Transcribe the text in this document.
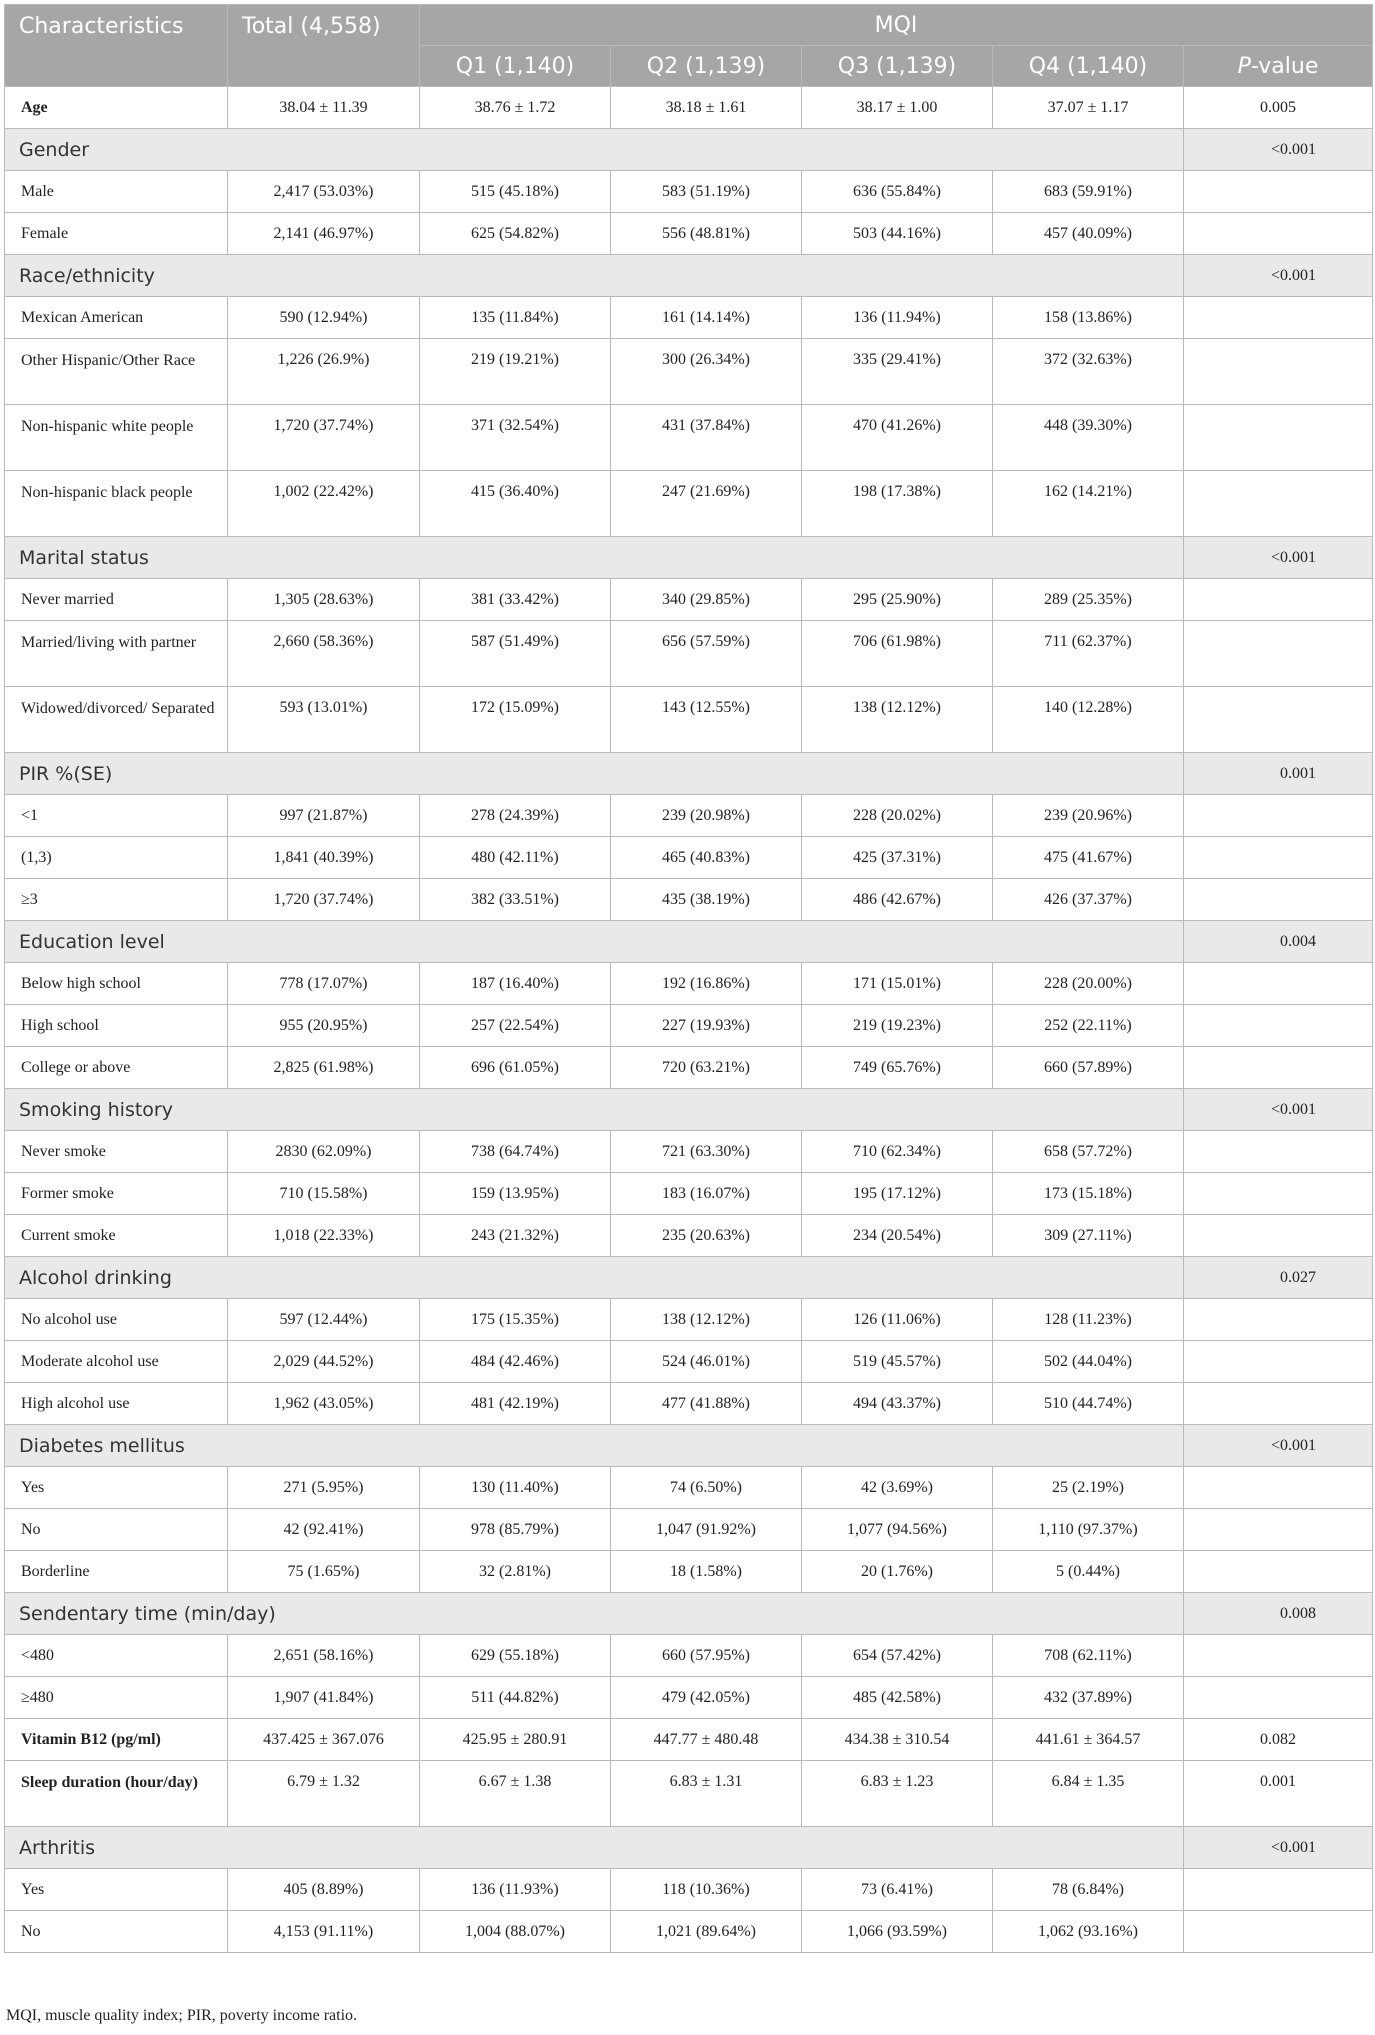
Characteristics	Total (4,558)	MQI				
		Q1 (1,140)	Q2 (1,139)	Q3 (1,139)	Q4 (1,140)	P-value
Age	38.04 ± 11.39	38.76 ± 1.72	38.18 ± 1.61	38.17 ± 1.00	37.07 ± 1.17	0.005
Gender						<0.001
Male	2,417 (53.03%)	515 (45.18%)	583 (51.19%)	636 (55.84%)	683 (59.91%)	
Female	2,141 (46.97%)	625 (54.82%)	556 (48.81%)	503 (44.16%)	457 (40.09%)	
Race/ethnicity						<0.001
Mexican American	590 (12.94%)	135 (11.84%)	161 (14.14%)	136 (11.94%)	158 (13.86%)	
Other Hispanic/Other Race	1,226 (26.9%)	219 (19.21%)	300 (26.34%)	335 (29.41%)	372 (32.63%)	
Non-hispanic white people	1,720 (37.74%)	371 (32.54%)	431 (37.84%)	470 (41.26%)	448 (39.30%)	
Non-hispanic black people	1,002 (22.42%)	415 (36.40%)	247 (21.69%)	198 (17.38%)	162 (14.21%)	
Marital status						<0.001
Never married	1,305 (28.63%)	381 (33.42%)	340 (29.85%)	295 (25.90%)	289 (25.35%)	
Married/living with partner	2,660 (58.36%)	587 (51.49%)	656 (57.59%)	706 (61.98%)	711 (62.37%)	
Widowed/divorced/ Separated	593 (13.01%)	172 (15.09%)	143 (12.55%)	138 (12.12%)	140 (12.28%)	
PIR %(SE)						0.001
<1	997 (21.87%)	278 (24.39%)	239 (20.98%)	228 (20.02%)	239 (20.96%)	
(1,3)	1,841 (40.39%)	480 (42.11%)	465 (40.83%)	425 (37.31%)	475 (41.67%)	
≥3	1,720 (37.74%)	382 (33.51%)	435 (38.19%)	486 (42.67%)	426 (37.37%)	
Education level						0.004
Below high school	778 (17.07%)	187 (16.40%)	192 (16.86%)	171 (15.01%)	228 (20.00%)	
High school	955 (20.95%)	257 (22.54%)	227 (19.93%)	219 (19.23%)	252 (22.11%)	
College or above	2,825 (61.98%)	696 (61.05%)	720 (63.21%)	749 (65.76%)	660 (57.89%)	
Smoking history						<0.001
Never smoke	2830 (62.09%)	738 (64.74%)	721 (63.30%)	710 (62.34%)	658 (57.72%)	
Former smoke	710 (15.58%)	159 (13.95%)	183 (16.07%)	195 (17.12%)	173 (15.18%)	
Current smoke	1,018 (22.33%)	243 (21.32%)	235 (20.63%)	234 (20.54%)	309 (27.11%)	
Alcohol drinking						0.027
No alcohol use	597 (12.44%)	175 (15.35%)	138 (12.12%)	126 (11.06%)	128 (11.23%)	
Moderate alcohol use	2,029 (44.52%)	484 (42.46%)	524 (46.01%)	519 (45.57%)	502 (44.04%)	
High alcohol use	1,962 (43.05%)	481 (42.19%)	477 (41.88%)	494 (43.37%)	510 (44.74%)	
Diabetes mellitus						<0.001
Yes	271 (5.95%)	130 (11.40%)	74 (6.50%)	42 (3.69%)	25 (2.19%)	
No	42 (92.41%)	978 (85.79%)	1,047 (91.92%)	1,077 (94.56%)	1,110 (97.37%)	
Borderline	75 (1.65%)	32 (2.81%)	18 (1.58%)	20 (1.76%)	5 (0.44%)	
Sendentary time (min/day)						0.008
<480	2,651 (58.16%)	629 (55.18%)	660 (57.95%)	654 (57.42%)	708 (62.11%)	
≥480	1,907 (41.84%)	511 (44.82%)	479 (42.05%)	485 (42.58%)	432 (37.89%)	
Vitamin B12 (pg/ml)	437.425 ± 367.076	425.95 ± 280.91	447.77 ± 480.48	434.38 ± 310.54	441.61 ± 364.57	0.082
Sleep duration (hour/day)	6.79 ± 1.32	6.67 ± 1.38	6.83 ± 1.31	6.83 ± 1.23	6.84 ± 1.35	0.001
Arthritis						<0.001
Yes	405 (8.89%)	136 (11.93%)	118 (10.36%)	73 (6.41%)	78 (6.84%)	
No	4,153 (91.11%)	1,004 (88.07%)	1,021 (89.64%)	1,066 (93.59%)	1,062 (93.16%)	
MQI, muscle quality index; PIR, poverty income ratio.
